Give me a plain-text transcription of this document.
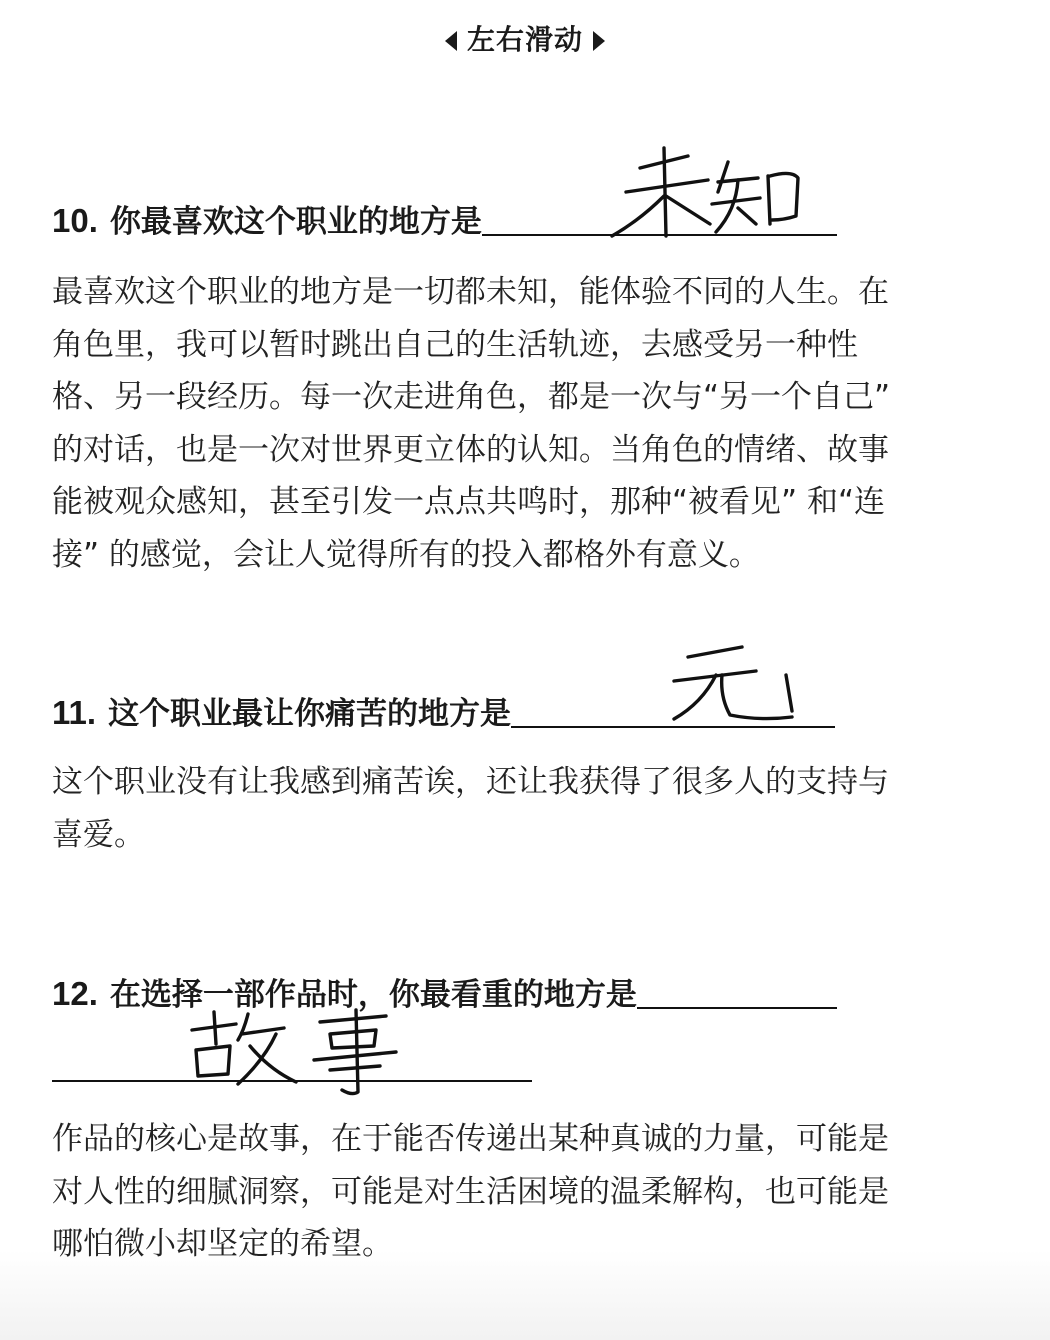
左右滑动
10. 你最喜欢这个职业的地方是

最喜欢这个职业的地方是一切都未知，能体验不同的人生。在角色里，我可以暂时跳出自己的生活轨迹，去感受另一种性格、另一段经历。每一次走进角色，都是一次与“另一个自己” 的对话，也是一次对世界更立体的认知。当角色的情绪、故事能被观众感知，甚至引发一点点共鸣时，那种“被看见” 和“连接” 的感觉，会让人觉得所有的投入都格外有意义。

11. 这个职业最让你痛苦的地方是

这个职业没有让我感到痛苦诶，还让我获得了很多人的支持与喜爱。

12. 在选择一部作品时，你最看重的地方是

作品的核心是故事，在于能否传递出某种真诚的力量，可能是对人性的细腻洞察，可能是对生活困境的温柔解构，也可能是哪怕微小却坚定的希望。
